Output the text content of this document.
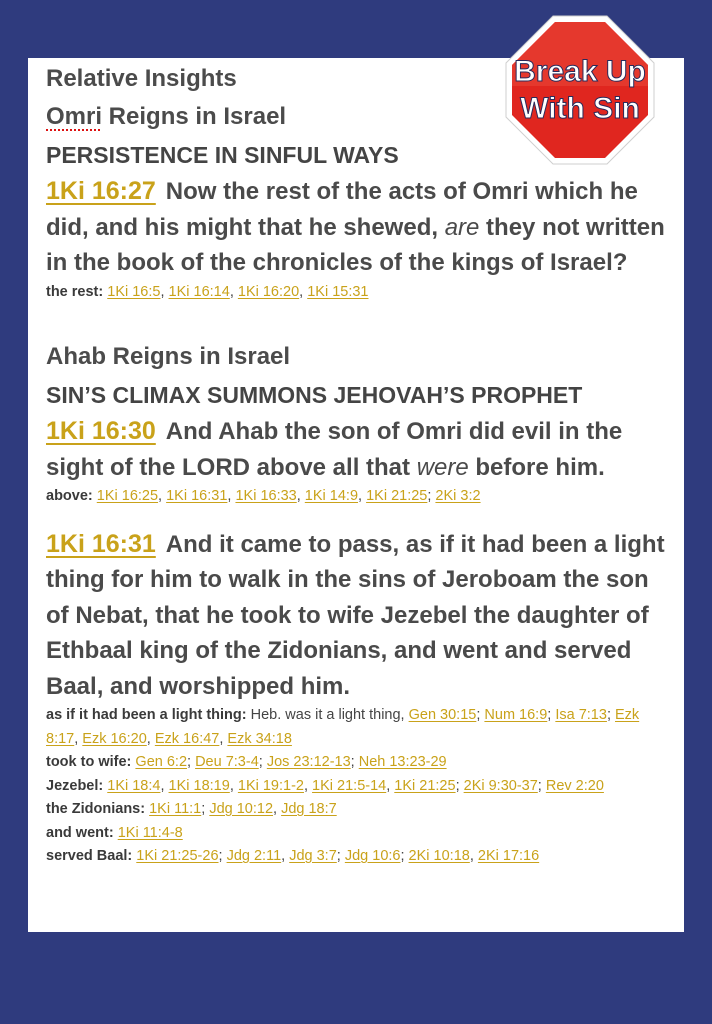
Relative Insights

Omri Reigns in Israel

PERSISTENCE IN SINFUL WAYS

1Ki 16:27 Now the rest of the acts of Omri which he did, and his might that he shewed, are they not written in the book of the chronicles of the kings of Israel?

the rest: 1Ki 16:5, 1Ki 16:14, 1Ki 16:20, 1Ki 15:31

Ahab Reigns in Israel

SIN’S CLIMAX SUMMONS JEHOVAH’S PROPHET

1Ki 16:30 And Ahab the son of Omri did evil in the sight of the LORD above all that were before him.

above: 1Ki 16:25, 1Ki 16:31, 1Ki 16:33, 1Ki 14:9, 1Ki 21:25; 2Ki 3:2

1Ki 16:31 And it came to pass, as if it had been a light thing for him to walk in the sins of Jeroboam the son of Nebat, that he took to wife Jezebel the daughter of Ethbaal king of the Zidonians, and went and served Baal, and worshipped him.

as if it had been a light thing: Heb. was it a light thing, Gen 30:15; Num 16:9; Isa 7:13; Ezk 8:17, Ezk 16:20, Ezk 16:47, Ezk 34:18

took to wife: Gen 6:2; Deu 7:3-4; Jos 23:12-13; Neh 13:23-29

Jezebel: 1Ki 18:4, 1Ki 18:19, 1Ki 19:1-2, 1Ki 21:5-14, 1Ki 21:25; 2Ki 9:30-37; Rev 2:20

the Zidonians: 1Ki 11:1; Jdg 10:12, Jdg 18:7

and went: 1Ki 11:4-8

served Baal: 1Ki 21:25-26; Jdg 2:11, Jdg 3:7; Jdg 10:6; 2Ki 10:18, 2Ki 17:16

Break Up
With Sin
